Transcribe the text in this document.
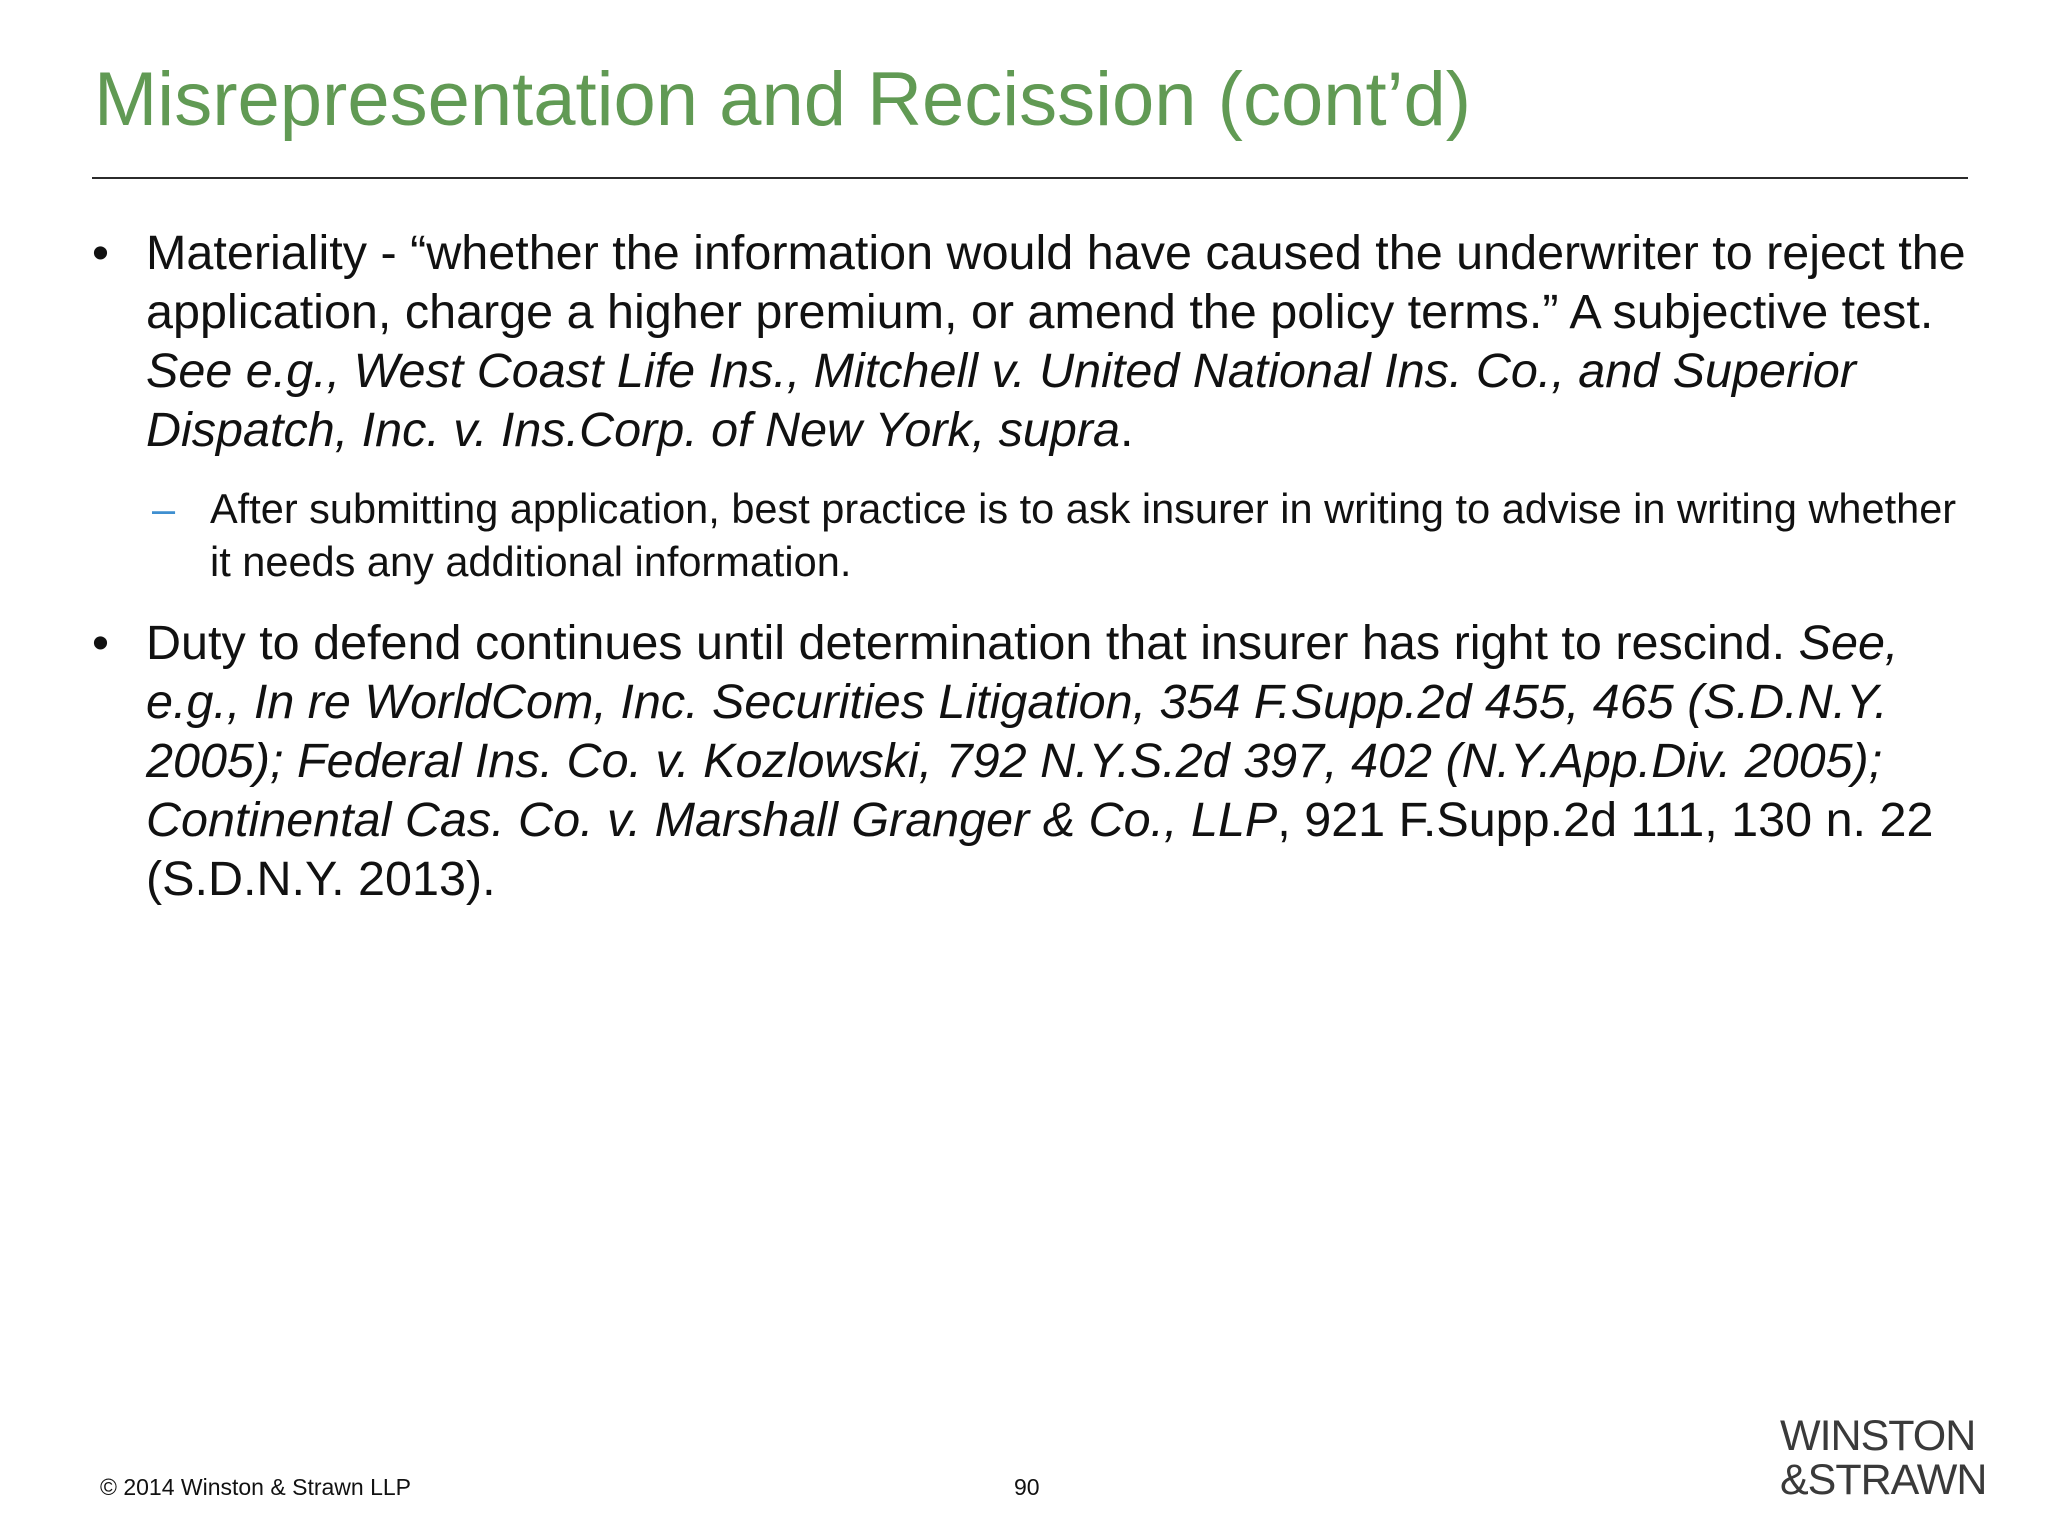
Misrepresentation and Recission (cont’d)

• Materiality - “whether the information would have caused the underwriter to reject the application, charge a higher premium, or amend the policy terms.” A subjective test. See e.g., West Coast Life Ins., Mitchell v. United National Ins. Co., and Superior Dispatch, Inc. v. Ins.Corp. of New York, supra.

– After submitting application, best practice is to ask insurer in writing to advise in writing whether it needs any additional information.

• Duty to defend continues until determination that insurer has right to rescind. See, e.g., In re WorldCom, Inc. Securities Litigation, 354 F.Supp.2d 455, 465 (S.D.N.Y. 2005); Federal Ins. Co. v. Kozlowski, 792 N.Y.S.2d 397, 402 (N.Y.App.Div. 2005); Continental Cas. Co. v. Marshall Granger & Co., LLP, 921 F.Supp.2d 111, 130 n. 22 (S.D.N.Y. 2013).

© 2014 Winston & Strawn LLP	90
WINSTON
&STRAWN
